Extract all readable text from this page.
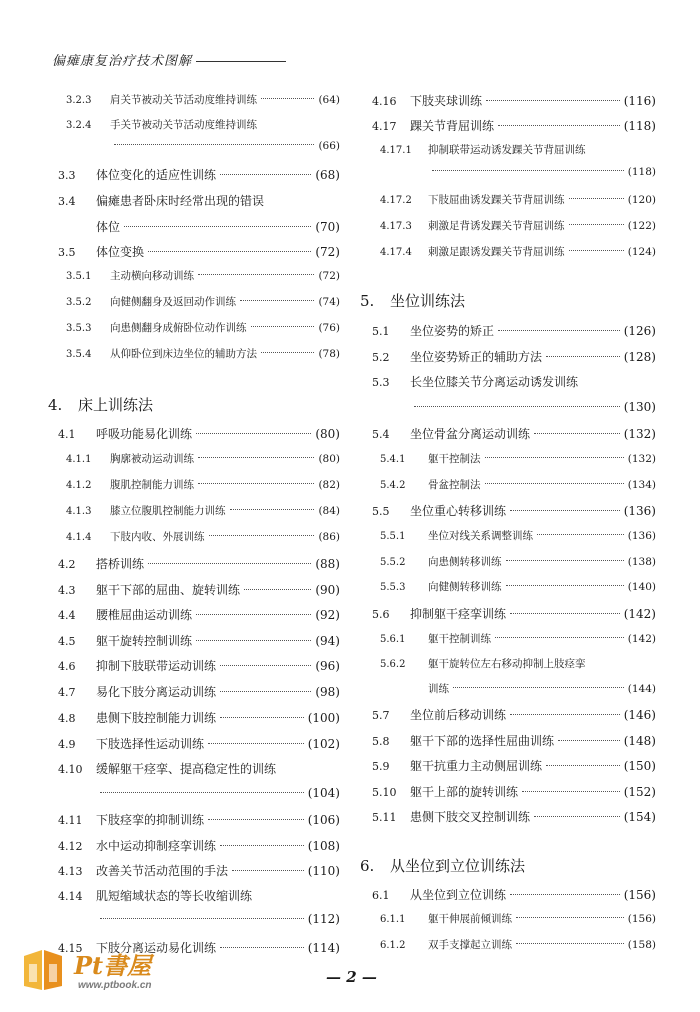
偏瘫康复治疗技术图解
3.2.3	肩关节被动关节活动度维持训练	(64)
3.2.4	手关节被动关节活动度维持训练
(66)
3.3	体位变化的适应性训练	(68)
3.4	偏瘫患者卧床时经常出现的错误
体位	(70)
3.5	体位变换	(72)
3.5.1	主动横向移动训练	(72)
3.5.2	向健侧翻身及返回动作训练	(74)
3.5.3	向患侧翻身成俯卧位动作训练	(76)
3.5.4	从仰卧位到床边坐位的辅助方法	(78)
4.	床上训练法
4.1	呼吸功能易化训练	(80)
4.1.1	胸廓被动运动训练	(80)
4.1.2	腹肌控制能力训练	(82)
4.1.3	膝立位腹肌控制能力训练	(84)
4.1.4	下肢内收、外展训练	(86)
4.2	搭桥训练	(88)
4.3	躯干下部的屈曲、旋转训练	(90)
4.4	腰椎屈曲运动训练	(92)
4.5	躯干旋转控制训练	(94)
4.6	抑制下肢联带运动训练	(96)
4.7	易化下肢分离运动训练	(98)
4.8	患侧下肢控制能力训练	(100)
4.9	下肢选择性运动训练	(102)
4.10	缓解躯干痉挛、提高稳定性的训练
(104)
4.11	下肢痉挛的抑制训练	(106)
4.12	水中运动抑制痉挛训练	(108)
4.13	改善关节活动范围的手法	(110)
4.14	肌短缩域状态的等长收缩训练
(112)
4.15	下肢分离运动易化训练	(114)
4.16	下肢夹球训练	(116)
4.17	踝关节背屈训练	(118)
4.17.1	抑制联带运动诱发踝关节背屈训练
(118)
4.17.2	下肢屈曲诱发踝关节背屈训练	(120)
4.17.3	刺激足背诱发踝关节背屈训练	(122)
4.17.4	刺激足跟诱发踝关节背屈训练	(124)
5.	坐位训练法
5.1	坐位姿势的矫正	(126)
5.2	坐位姿势矫正的辅助方法	(128)
5.3	长坐位膝关节分离运动诱发训练
(130)
5.4	坐位骨盆分离运动训练	(132)
5.4.1	躯干控制法	(132)
5.4.2	骨盆控制法	(134)
5.5	坐位重心转移训练	(136)
5.5.1	坐位对线关系调整训练	(136)
5.5.2	向患侧转移训练	(138)
5.5.3	向健侧转移训练	(140)
5.6	抑制躯干痉挛训练	(142)
5.6.1	躯干控制训练	(142)
5.6.2	躯干旋转位左右移动抑制上肢痉挛
训练	(144)
5.7	坐位前后移动训练	(146)
5.8	躯干下部的选择性屈曲训练	(148)
5.9	躯干抗重力主动侧屈训练	(150)
5.10	躯干上部的旋转训练	(152)
5.11	患侧下肢交叉控制训练	(154)
6.	从坐位到立位训练法
6.1	从坐位到立位训练	(156)
6.1.1	躯干伸展前倾训练	(156)
6.1.2	双手支撑起立训练	(158)
— 2 —
Pt書屋
www.ptbook.cn
